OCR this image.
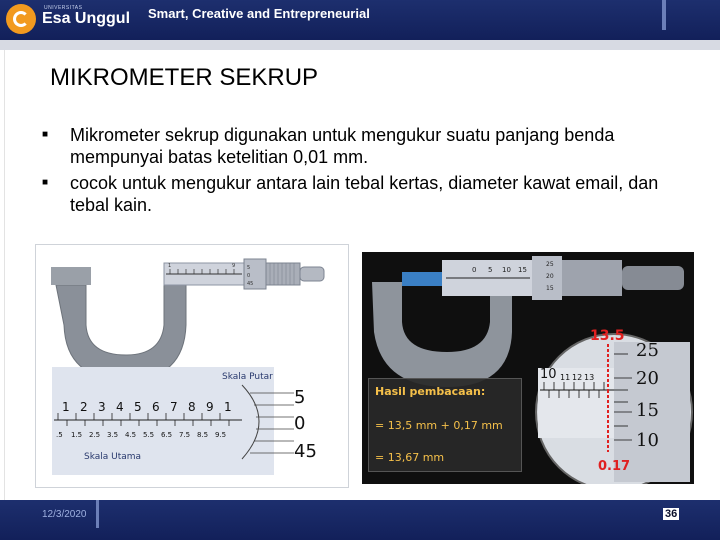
UNIVERSITAS
Esa Unggul Smart, Creative and Entrepreneurial
MIKROMETER SEKRUP
■	Mikrometer sekrup digunakan untuk mengukur suatu panjang benda mempunyai batas ketelitian 0,01 mm.
■	cocok untuk mengukur antara lain tebal kertas, diameter kawat email, dan tebal kain.
1	9 5
0
45
Skala Putar
Skala Utama
1 2 3 4 5 6 7 8 9 1
.5 1.5 2.5 3.5 4.5 5.5 6.5 7.5 8.5 9.5
5
0
45
0 5 10 15
25
20
15
10 11 12 13
25
20
15
10
13.5
0.17
Hasil pembacaan:
= 13,5 mm + 0,17 mm
= 13,67 mm
12/3/2020	36
